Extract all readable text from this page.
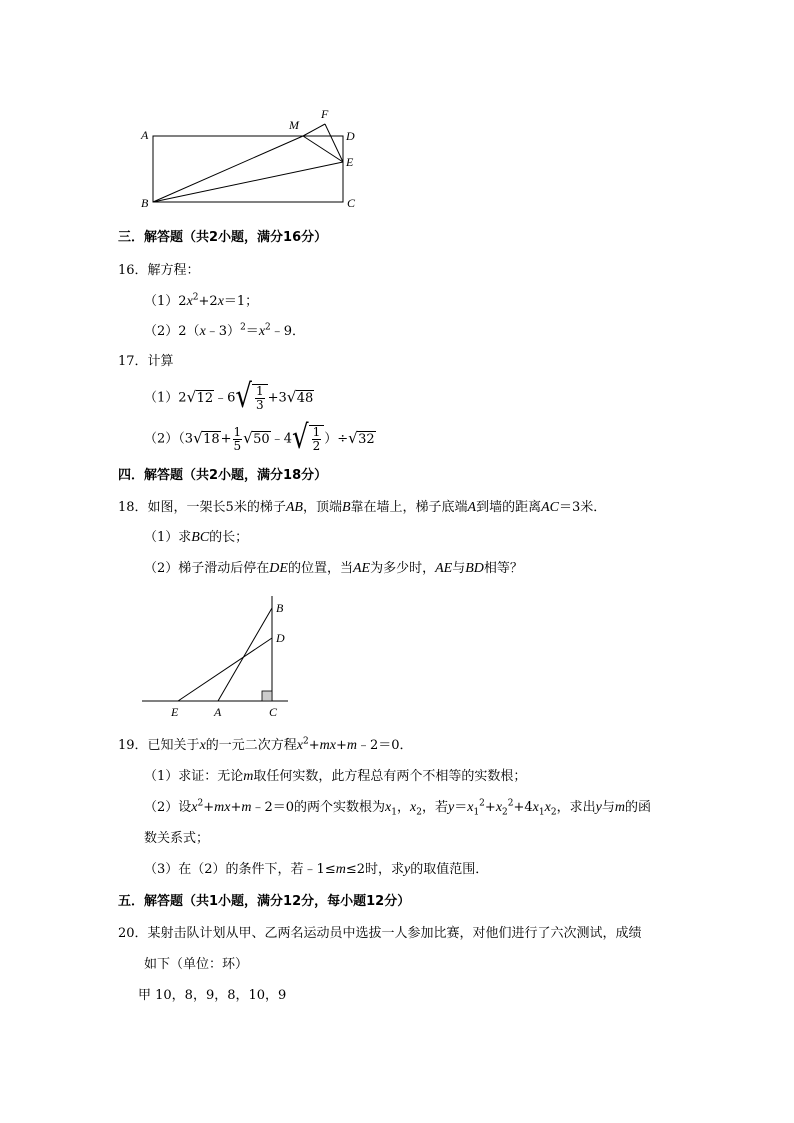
A
B	C
D
E
M
F
三．解答题（共2小题，满分16分）
16．解方程：
$(1)2x^2+2x=1$；
$(2)2(x﹣3)^2=x^2﹣9$．
17．计算
（1）2√ 12﹣6 √ $\frac{1}{3} +3√$ 48
（2）（3√ $18+ \frac{1}{5}$
√ 50﹣4 √ $\frac{1}{2}$ ）÷√ 32
四．解答题（共2小题，满分18分）
18．如图，一架长5米的梯子AB，顶端B靠在墙上，梯子底端A到墙的距离AC＝3米．
（1）求BC的长；
（2）梯子滑动后停在DE的位置，当AE为多少时，AE与BD相等？
B
D
E	A	C
19．已知关于x的一元二次方程$x^2+mx+m﹣2=0$．
（1）求证：无论m取任何实数，此方程总有两个不相等的实数根；
（2）设$x^2+mx+m﹣2=0$的两个实数根为$x_1$，$x_2$，若$y=x_1^2+x_2^2+4x_1x_2$，求出y与m的函
数关系式；
（3）在（2）的条件下，若﹣1≤m≤2时，求y的取值范围．
五．解答题（共1小题，满分12分，每小题12分）
20．某射击队计划从甲、乙两名运动员中选拔一人参加比赛，对他们进行了六次测试，成绩
如下（单位：环）
甲 10，8，9，8，10，9
